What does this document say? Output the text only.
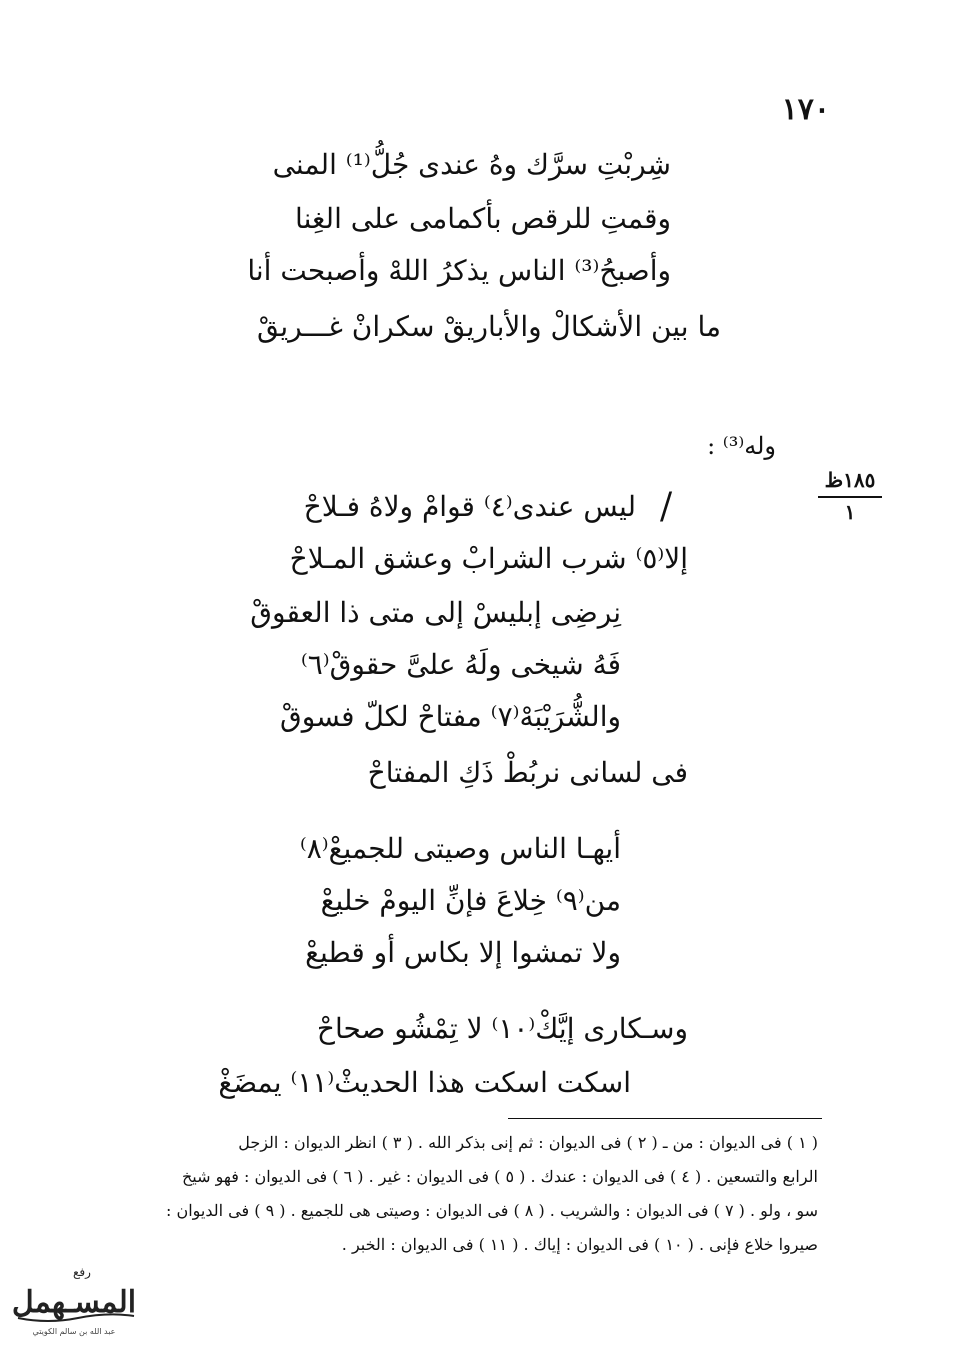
١٧٠
شِربْتِ سرَّك وهُ عندى جُلُّ⁽¹⁾ المنى
وقمتِ للرقص بأكمامى على الغِنا
وأصبحُ⁽³⁾ الناس يذكرُ اللهْ وأصبحت أنا
ما بين الأشكالْ والأباريقْ سكرانْ غـــريقْ
وله⁽³⁾ :
١٨٥ظ
١
/
ليس عندى⁽٤⁾ قوامْ ولاهُ فـلاحْ
إلا⁽٥⁾ شرب الشرابْ وعشق المـلاحْ
نِرضِى إبليسْ إلى متى ذا العقوقْ
فَهُ شيخى ولَهُ علىَّ حقوقْ⁽٦⁾
والشُّرَيْبَهْ⁽٧⁾ مفتاحْ لكلّ فسوقْ
فى لسانى نربُطْ ذَكِ المفتاحْ
أيهـا الناس وصيتى للجميعْ⁽٨⁾
من⁽٩⁾ خِلاعَ فإنِّ اليومْ خليعْ
ولا تمشوا إلا بكاس أو قطيعْ
وسـكارى إيَّكْ⁽١٠⁾ لا تِمْشُو صحاحْ
اسكت اسكت هذا الحديثْ⁽١١⁾ يمضَغْ

( ١ ) فى الديوان : من ـ ( ٢ ) فى الديوان : ثم إنى بذكر الله . ( ٣ ) انظر الديوان : الزجل

الرابع والتسعين . ( ٤ ) فى الديوان : عندك . ( ٥ ) فى الديوان : غير . ( ٦ ) فى الديوان : فهو شيخ

سو ، ولو . ( ٧ ) فى الديوان : والشريب . ( ٨ ) فى الديوان : وصيتى هى للجميع . ( ٩ ) فى الديوان :

صيروا خلاع فإنى . ( ١٠ ) فى الديوان : إياك . ( ١١ ) فى الديوان : الخبر .

رفع
المسـهمل
عبد الله بن سالم الكويتي
